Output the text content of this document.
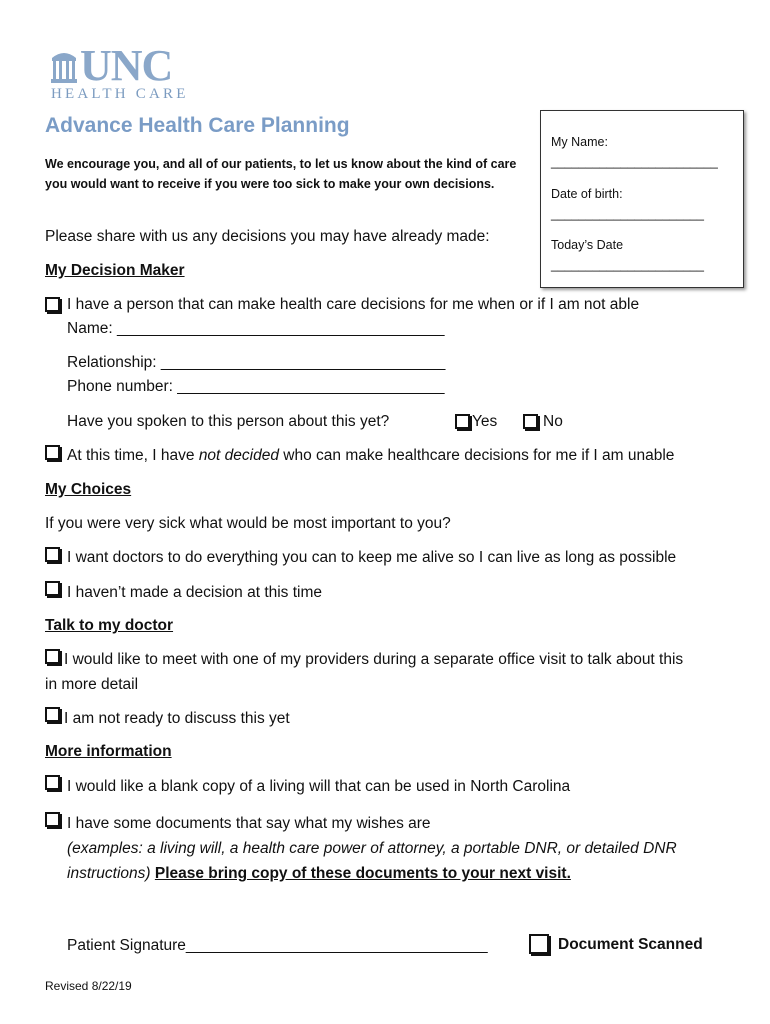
UNC
HEALTH CARE
Advance Health Care Planning
We encourage you, and all of our patients, to let us know about the kind of care you would want to receive if you were too sick to make your own decisions.
Please share with us any decisions you may have already made:
My Name:
________________________
Date of birth:
______________________
Today’s Date
______________________
My Decision Maker
I have a person that can make health care decisions for me when or if I am not able
Name: ______________________________________
Relationship: _________________________________
Phone number: _______________________________
Have you spoken to this person about this yet?	Yes	No
At this time, I have not decided who can make healthcare decisions for me if I am unable
My Choices
If you were very sick what would be most important to you?
I want doctors to do everything you can to keep me alive so I can live as long as possible
I haven’t made a decision at this time
Talk to my doctor
I would like to meet with one of my providers during a separate office visit to talk about this
in more detail
I am not ready to discuss this yet
More information
I would like a blank copy of a living will that can be used in North Carolina
I have some documents that say what my wishes are
(examples: a living will, a health care power of attorney, a portable DNR, or detailed DNR
instructions) Please bring copy of these documents to your next visit.
Patient Signature___________________________________	Document Scanned
Revised 8/22/19
